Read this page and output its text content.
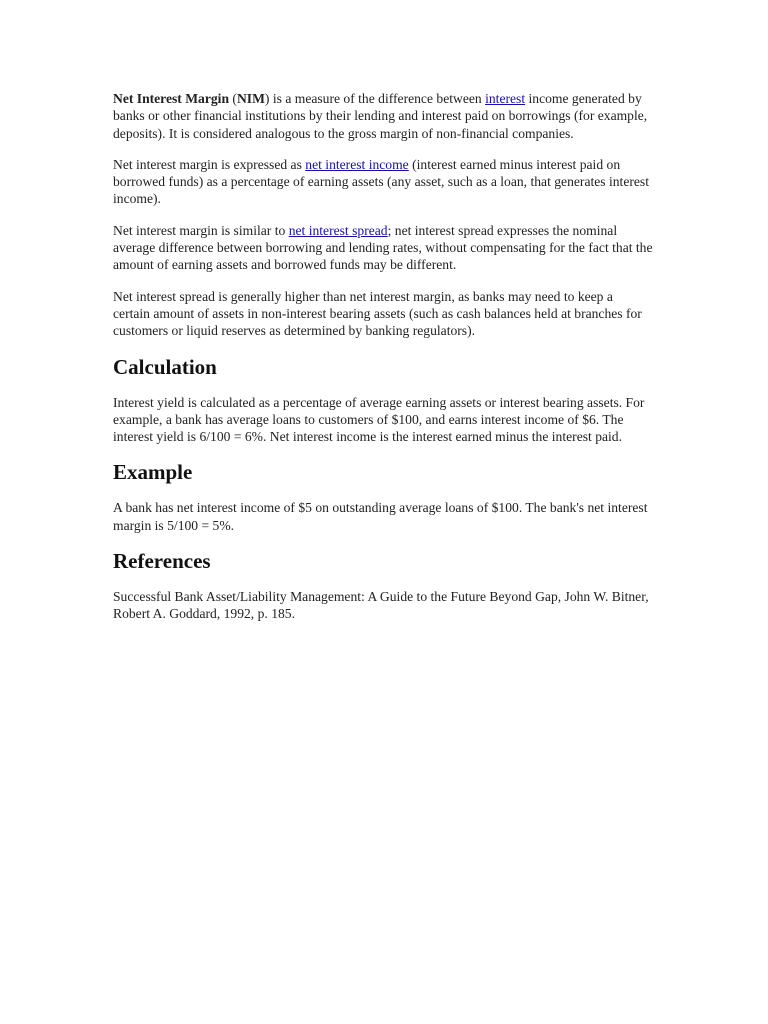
Net Interest Margin (NIM) is a measure of the difference between interest income generated by banks or other financial institutions by their lending and interest paid on borrowings (for example, deposits). It is considered analogous to the gross margin of non-financial companies.

Net interest margin is expressed as net interest income (interest earned minus interest paid on borrowed funds) as a percentage of earning assets (any asset, such as a loan, that generates interest income).

Net interest margin is similar to net interest spread; net interest spread expresses the nominal average difference between borrowing and lending rates, without compensating for the fact that the amount of earning assets and borrowed funds may be different.

Net interest spread is generally higher than net interest margin, as banks may need to keep a certain amount of assets in non-interest bearing assets (such as cash balances held at branches for customers or liquid reserves as determined by banking regulators).

Calculation

Interest yield is calculated as a percentage of average earning assets or interest bearing assets. For example, a bank has average loans to customers of $100, and earns interest income of $6. The interest yield is 6/100 = 6%. Net interest income is the interest earned minus the interest paid.

Example

A bank has net interest income of $5 on outstanding average loans of $100. The bank's net interest margin is 5/100 = 5%.

References

Successful Bank Asset/Liability Management: A Guide to the Future Beyond Gap, John W. Bitner, Robert A. Goddard, 1992, p. 185.
